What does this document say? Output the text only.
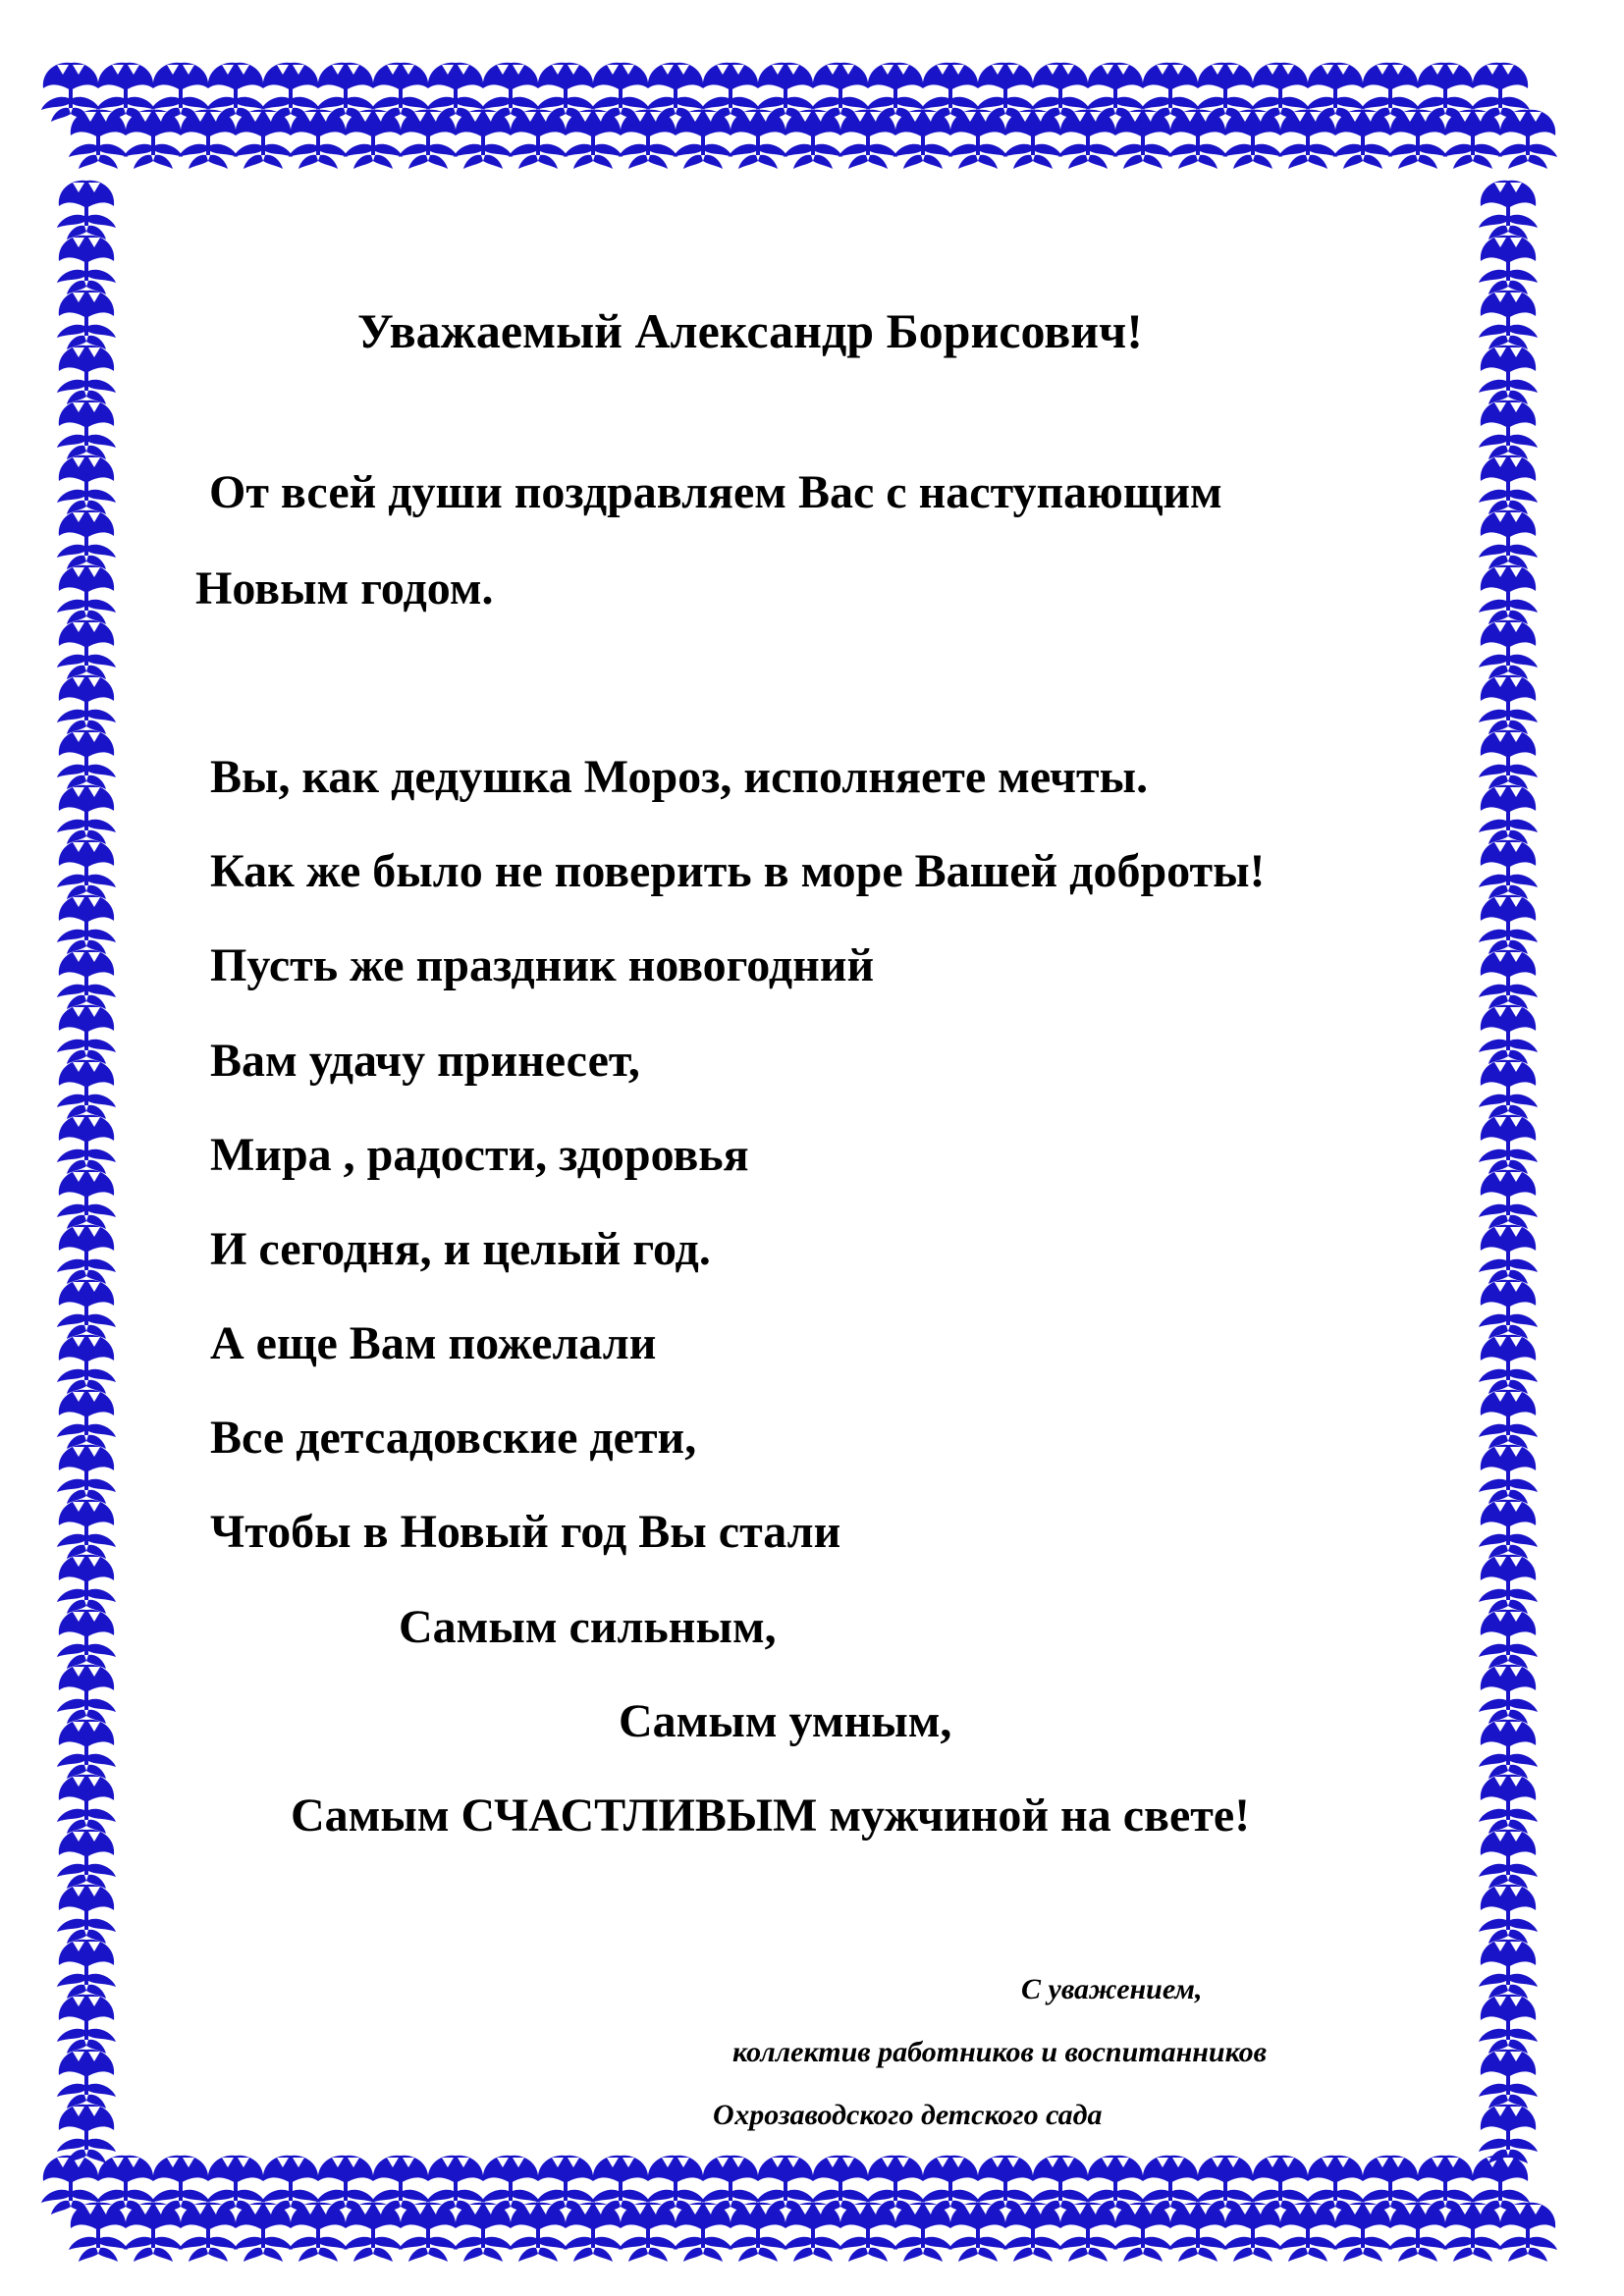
Уважаемый Александр Борисович!

От всей души поздравляем Вас с наступающим

Новым годом.

Вы, как дедушка Мороз, исполняете мечты.

Как же было не поверить в море Вашей доброты!

Пусть же праздник новогодний

Вам удачу принесет,

Мира , радости, здоровья

И сегодня, и целый год.

А еще Вам пожелали

Все детсадовские дети,

Чтобы в Новый год Вы стали

Самым сильным,

Самым умным,

Самым СЧАСТЛИВЫМ мужчиной на свете!

С уважением,

коллектив работников и воспитанников

Охрозаводского детского сада
